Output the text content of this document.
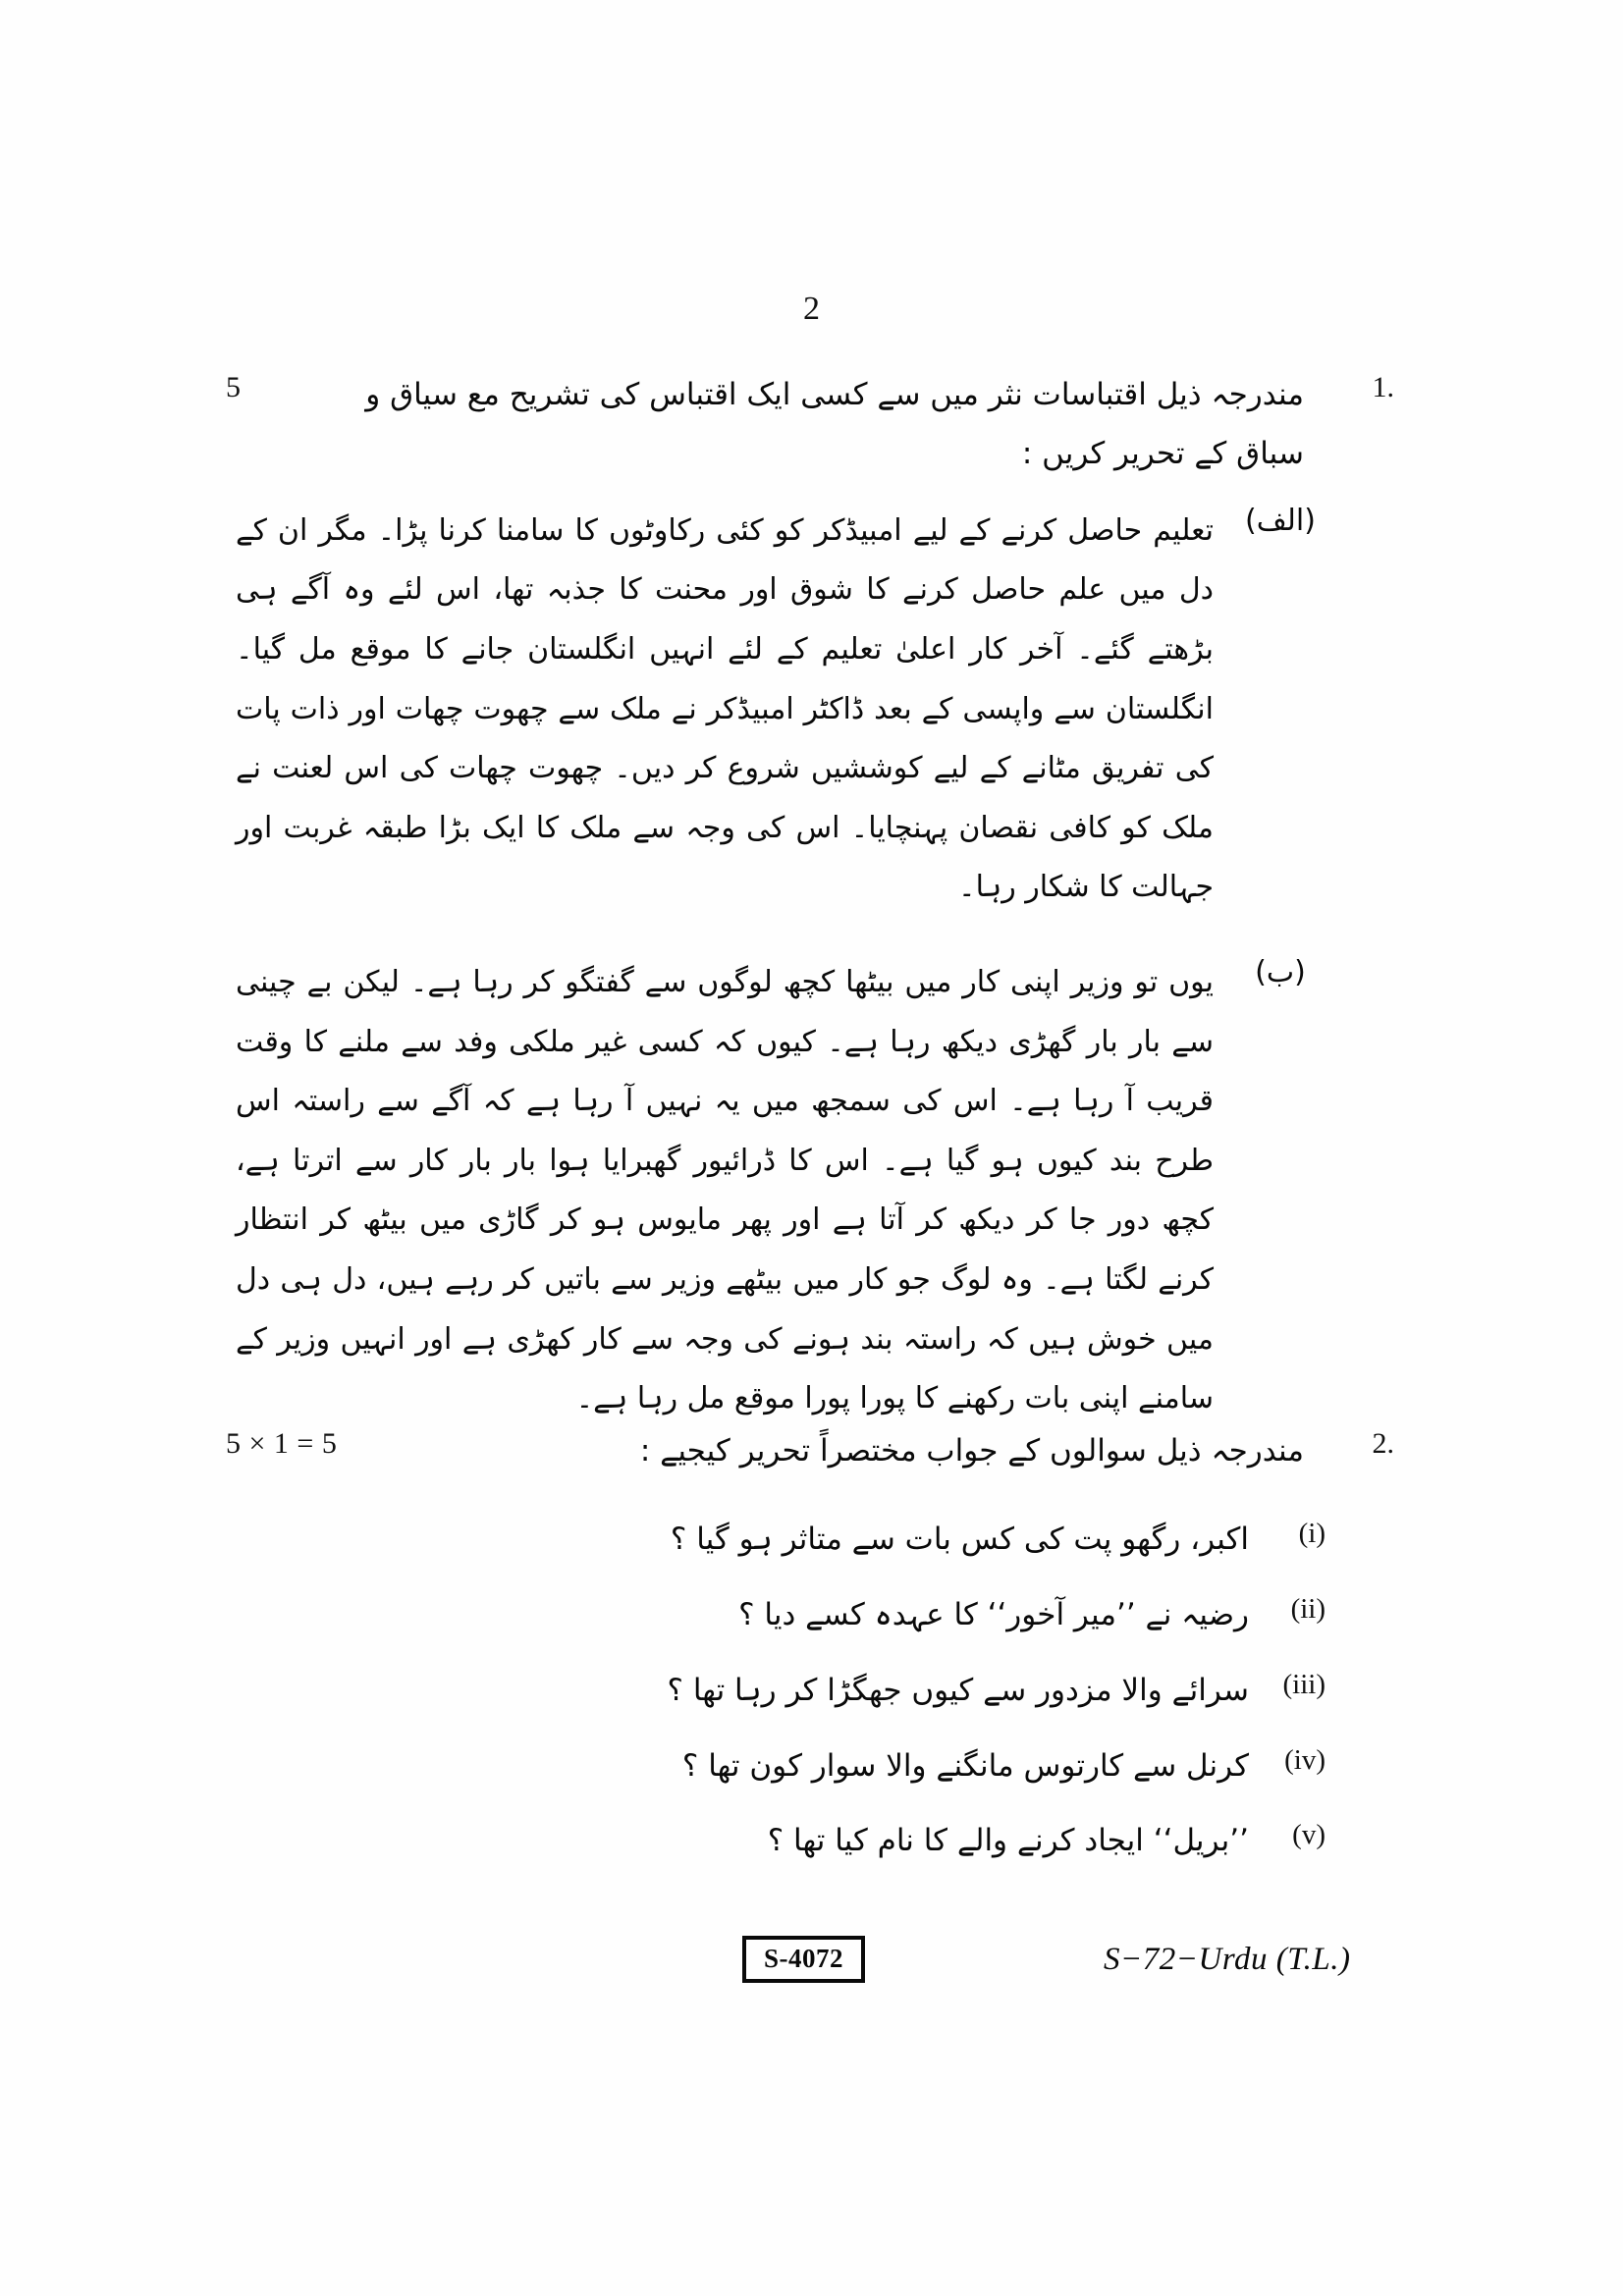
2
5	مندرجہ ذیل اقتباسات نثر میں سے کسی ایک اقتباس کی تشریح مع سیاق و سباق کے تحریر کریں :
1.
تعلیم حاصل کرنے کے لیے امبیڈکر کو کئی رکاوٹوں کا سامنا کرنا پڑا۔ مگر ان کے دل میں علم حاصل کرنے کا شوق اور محنت کا جذبہ تھا، اس لئے وہ آگے ہی بڑھتے گئے۔ آخر کار اعلیٰ تعلیم کے لئے انہیں انگلستان جانے کا موقع مل گیا۔ انگلستان سے واپسی کے بعد ڈاکٹر امبیڈکر نے ملک سے چھوت چھات اور ذات پات کی تفریق مٹانے کے لیے کوششیں شروع کر دیں۔ چھوت چھات کی اس لعنت نے ملک کو کافی نقصان پہنچایا۔ اس کی وجہ سے ملک کا ایک بڑا طبقہ غربت اور جہالت کا شکار رہا۔
(الف)
یوں تو وزیر اپنی کار میں بیٹھا کچھ لوگوں سے گفتگو کر رہا ہے۔ لیکن بے چینی سے بار بار گھڑی دیکھ رہا ہے۔ کیوں کہ کسی غیر ملکی وفد سے ملنے کا وقت قریب آ رہا ہے۔ اس کی سمجھ میں یہ نہیں آ رہا ہے کہ آگے سے راستہ اس طرح بند کیوں ہو گیا ہے۔ اس کا ڈرائیور گھبرایا ہوا بار بار کار سے اترتا ہے، کچھ دور جا کر دیکھ کر آتا ہے اور پھر مایوس ہو کر گاڑی میں بیٹھ کر انتظار کرنے لگتا ہے۔ وہ لوگ جو کار میں بیٹھے وزیر سے باتیں کر رہے ہیں، دل ہی دل میں خوش ہیں کہ راستہ بند ہونے کی وجہ سے کار کھڑی ہے اور انہیں وزیر کے سامنے اپنی بات رکھنے کا پورا پورا موقع مل رہا ہے۔
(ب)
5 × 1 = 5	مندرجہ ذیل سوالوں کے جواب مختصراً تحریر کیجیے :	2.
اکبر، رگھو پت کی کس بات سے متاثر ہو گیا ؟	(i)
رضیہ نے ’’میر آخور‘‘ کا عہدہ کسے دیا ؟	(ii)
سرائے والا مزدور سے کیوں جھگڑا کر رہا تھا ؟	(iii)
کرنل سے کارتوس مانگنے والا سوار کون تھا ؟	(iv)
’’بریل‘‘ ایجاد کرنے والے کا نام کیا تھا ؟	(v)
S-4072	S−72−Urdu (T.L.)
